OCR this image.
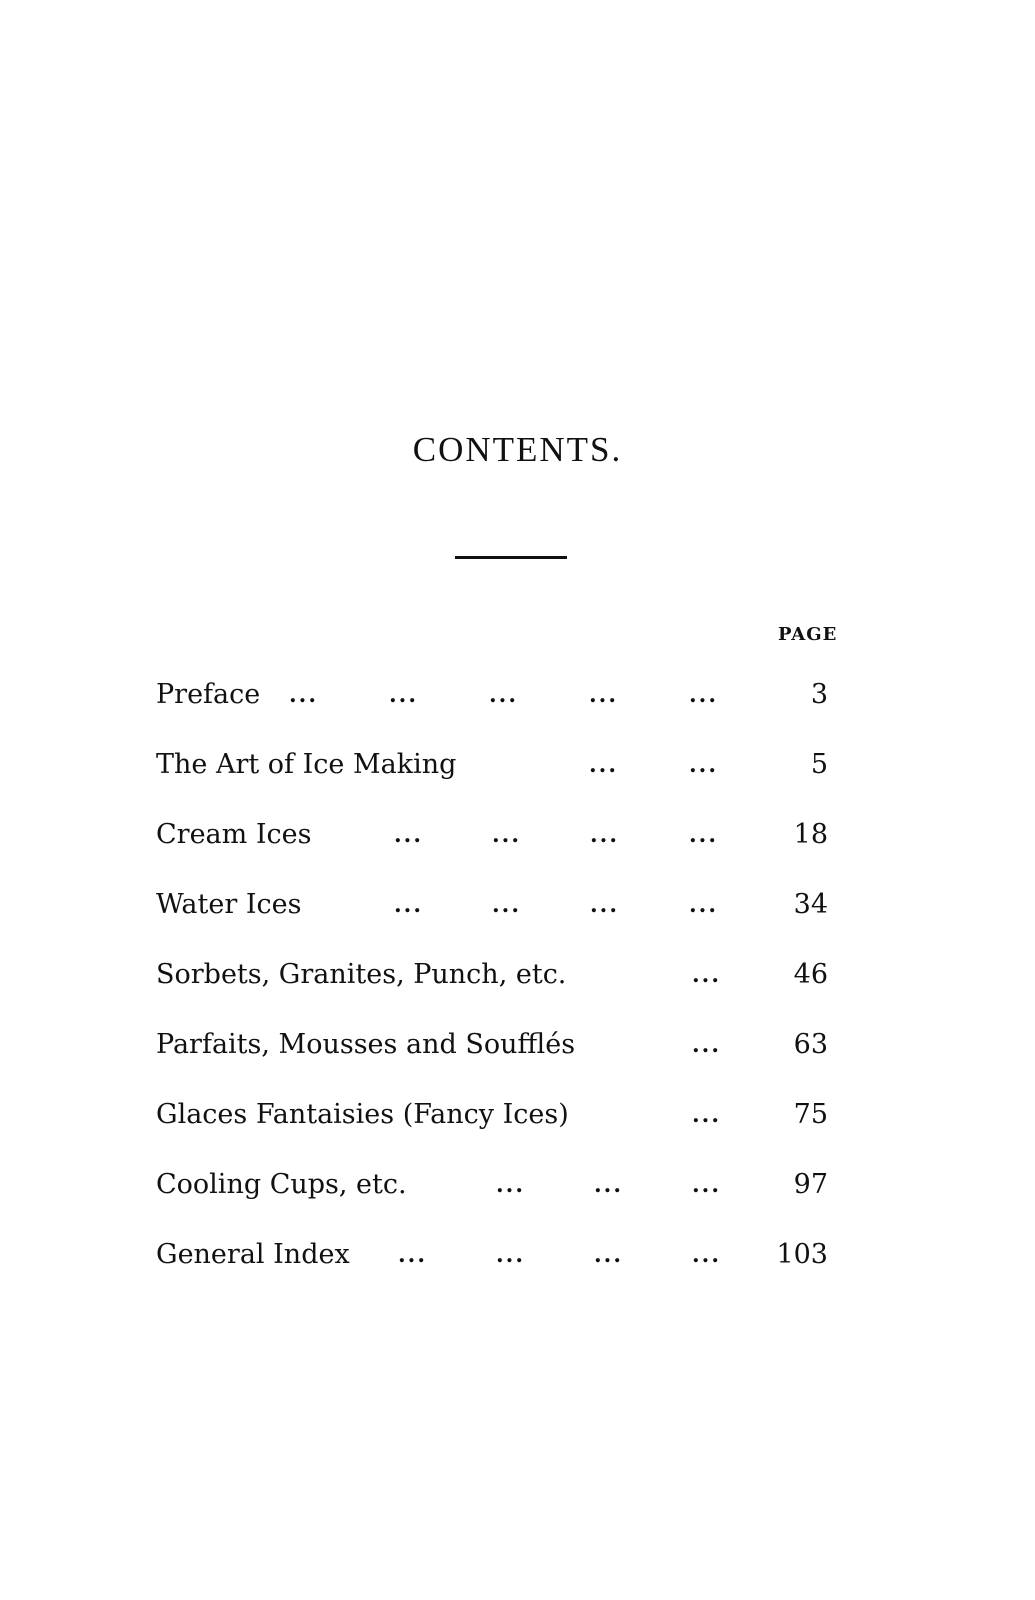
CONTENTS.
PAGE
Preface ...	...	...	...	...	3
The Art of Ice Making	...	...	5
Cream Ices	...	...	...	...	18
Water Ices	...	...	...	...	34
Sorbets, Granites, Punch, etc.	...	46
Parfaits, Mousses and Soufflés	...	63
Glaces Fantaisies (Fancy Ices)	...	75
Cooling Cups, etc.	...	...	...	97
General Index ...	...	...	...	103
